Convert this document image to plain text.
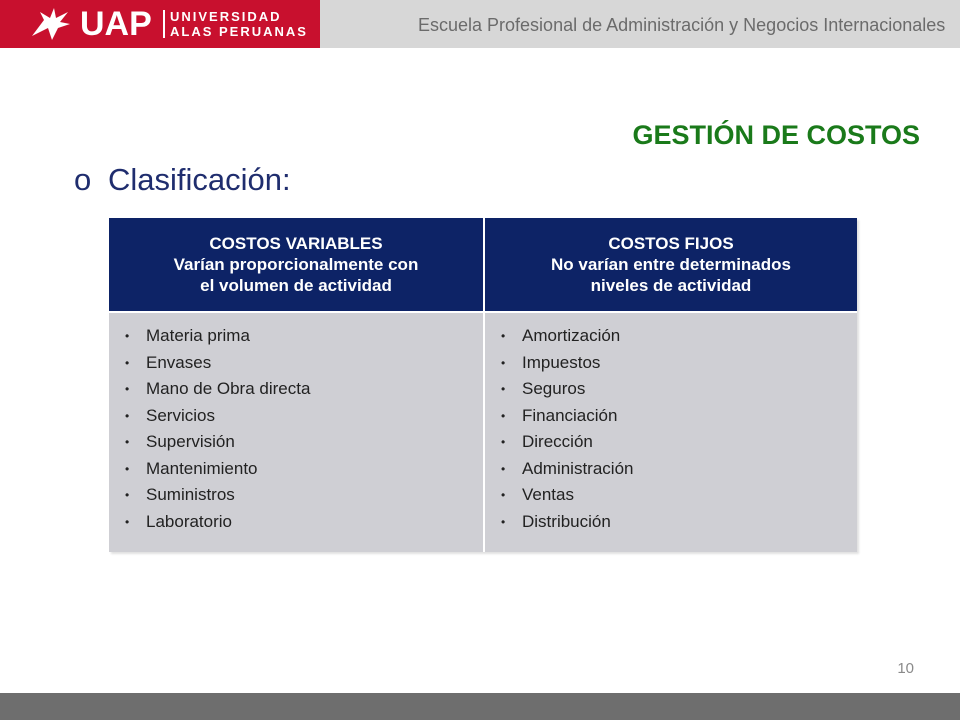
UAP UNIVERSIDAD
ALAS PERUANAS	Escuela Profesional de Administración y Negocios Internacionales
GESTIÓN DE COSTOS
o Clasificación:
COSTOS VARIABLES
Varían proporcionalmente con
el volumen de actividad
COSTOS FIJOS
No varían entre determinados
niveles de actividad
• Materia prima
• Envases
• Mano de Obra directa
• Servicios
• Supervisión
• Mantenimiento
• Suministros
• Laboratorio
• Amortización
• Impuestos
• Seguros
• Financiación
• Dirección
• Administración
• Ventas
• Distribución
10
